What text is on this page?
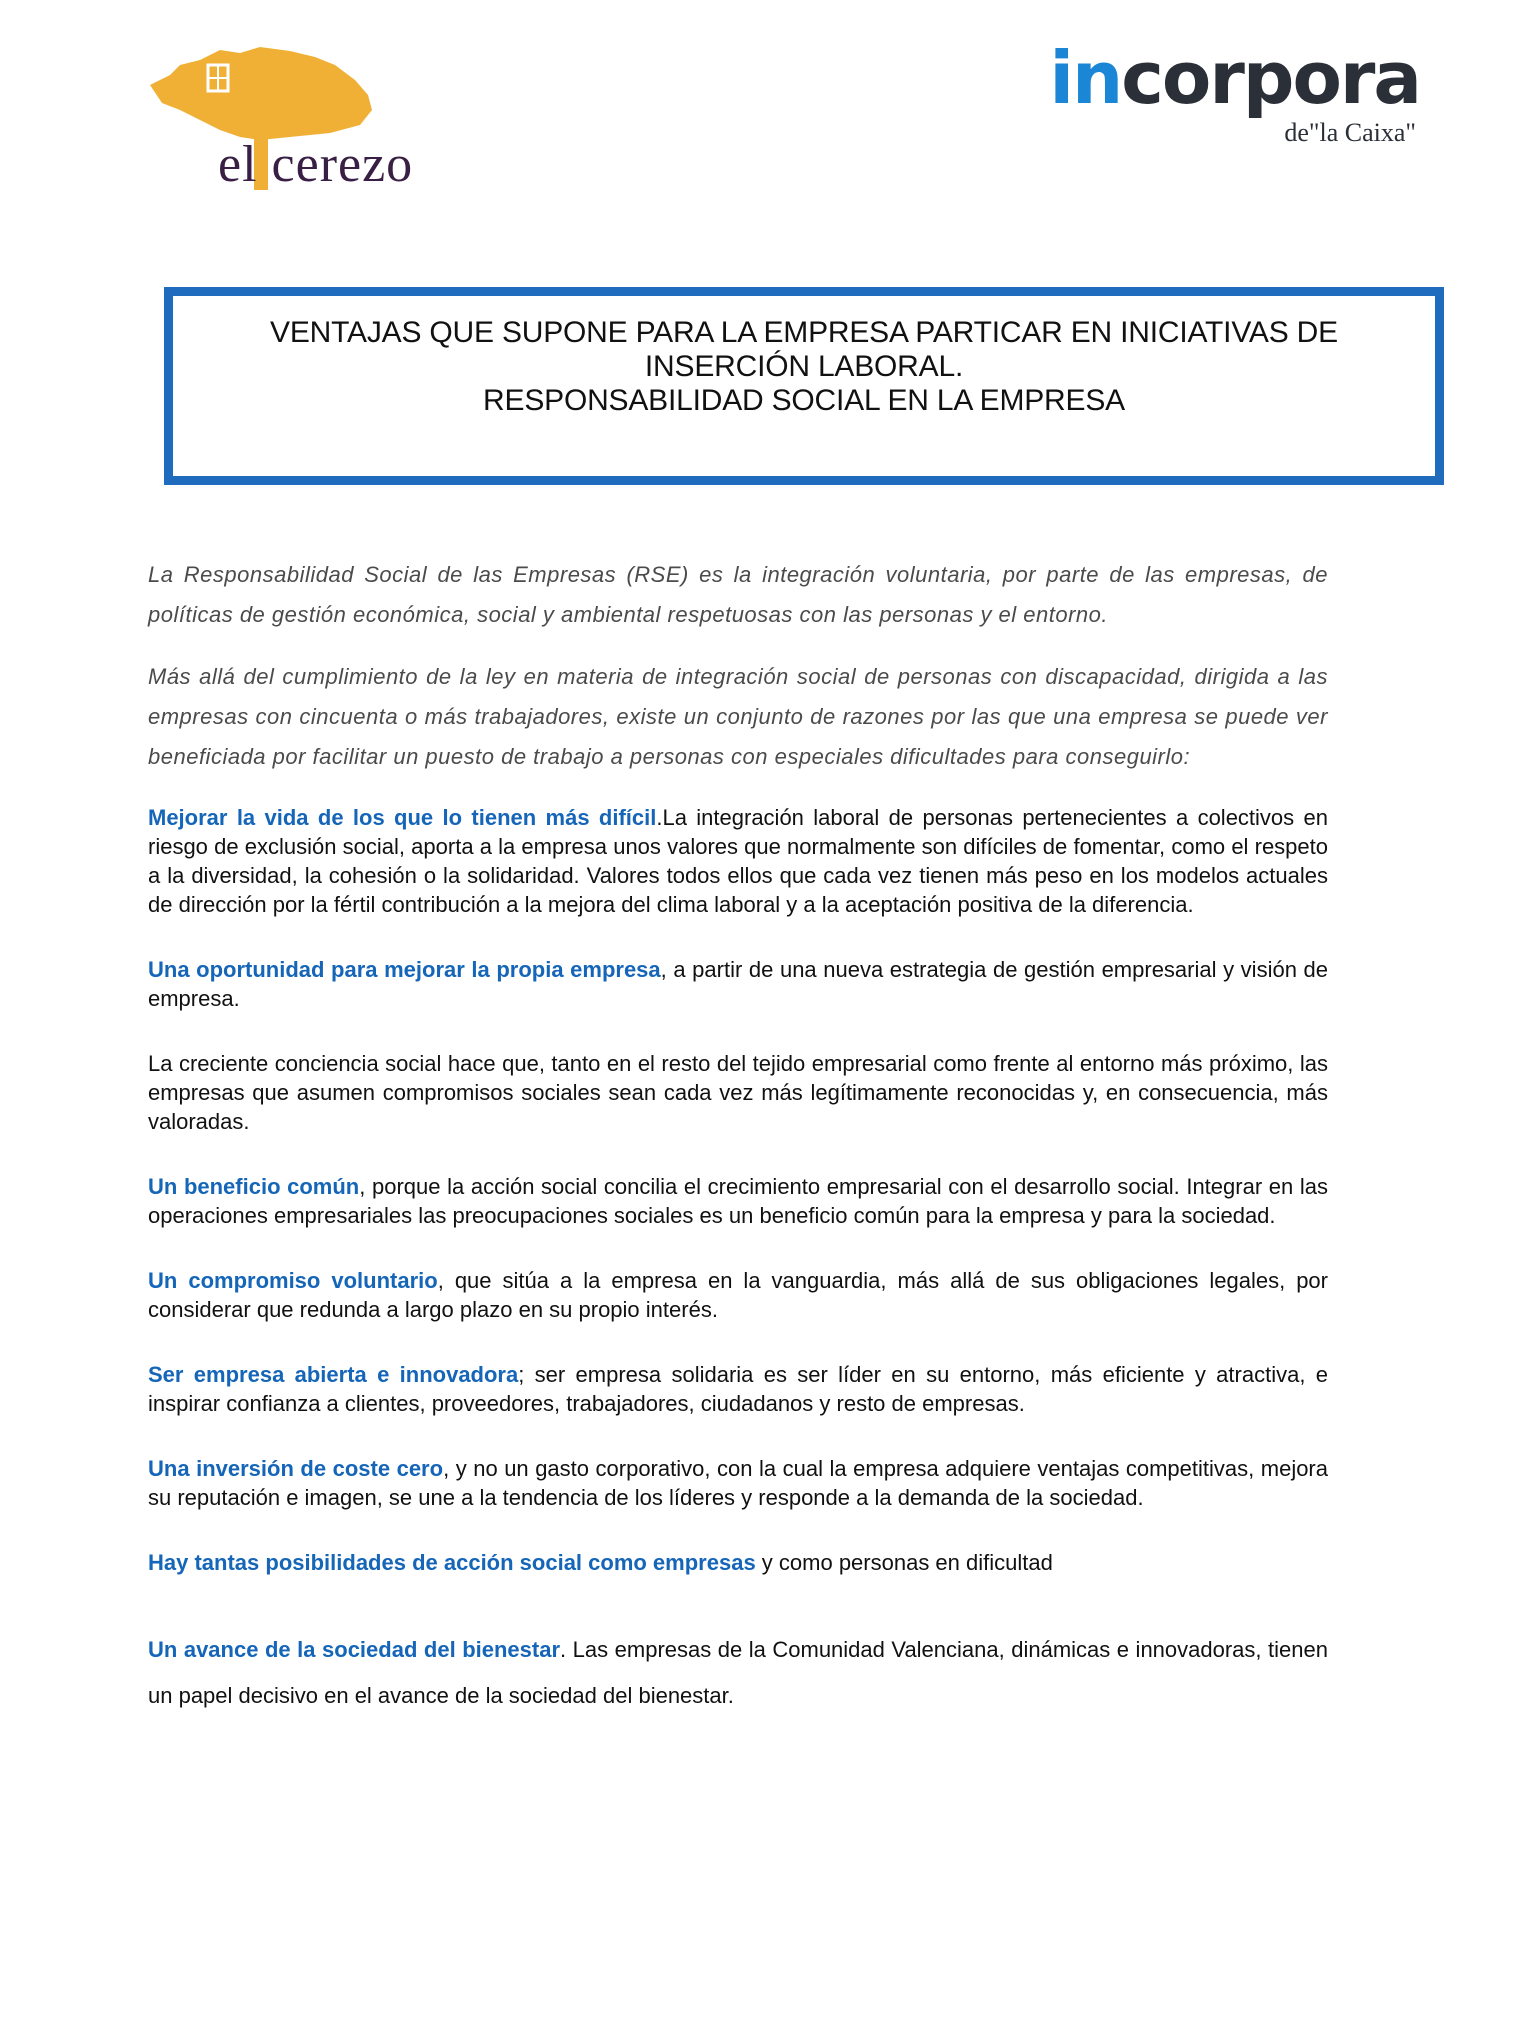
el cerezo
incorpora
de"la Caixa"
VENTAJAS QUE SUPONE PARA LA EMPRESA PARTICAR EN INICIATIVAS DE
INSERCIÓN LABORAL.
RESPONSABILIDAD SOCIAL EN LA EMPRESA

La Responsabilidad Social de las Empresas (RSE) es la integración voluntaria, por parte de las empresas, de políticas de gestión económica, social y ambiental respetuosas con las personas y el entorno.

Más allá del cumplimiento de la ley en materia de integración social de personas con discapacidad, dirigida a las empresas con cincuenta o más trabajadores, existe un conjunto de razones por las que una empresa se puede ver beneficiada por facilitar un puesto de trabajo a personas con especiales dificultades para conseguirlo:

Mejorar la vida de los que lo tienen más difícil.La integración laboral de personas pertenecientes a colectivos en riesgo de exclusión social, aporta a la empresa unos valores que normalmente son difíciles de fomentar, como el respeto a la diversidad, la cohesión o la solidaridad. Valores todos ellos que cada vez tienen más peso en los modelos actuales de dirección por la fértil contribución a la mejora del clima laboral y a la aceptación positiva de la diferencia.

Una oportunidad para mejorar la propia empresa, a partir de una nueva estrategia de gestión empresarial y visión de empresa.

La creciente conciencia social hace que, tanto en el resto del tejido empresarial como frente al entorno más próximo, las empresas que asumen compromisos sociales sean cada vez más legítimamente reconocidas y, en consecuencia, más valoradas.

Un beneficio común, porque la acción social concilia el crecimiento empresarial con el desarrollo social. Integrar en las operaciones empresariales las preocupaciones sociales es un beneficio común para la empresa y para la sociedad.

Un compromiso voluntario, que sitúa a la empresa en la vanguardia, más allá de sus obligaciones legales, por considerar que redunda a largo plazo en su propio interés.

Ser empresa abierta e innovadora; ser empresa solidaria es ser líder en su entorno, más eficiente y atractiva, e inspirar confianza a clientes, proveedores, trabajadores, ciudadanos y resto de empresas.

Una inversión de coste cero, y no un gasto corporativo, con la cual la empresa adquiere ventajas competitivas, mejora su reputación e imagen, se une a la tendencia de los líderes y responde a la demanda de la sociedad.

Hay tantas posibilidades de acción social como empresas y como personas en dificultad

Un avance de la sociedad del bienestar. Las empresas de la Comunidad Valenciana, dinámicas e innovadoras, tienen un papel decisivo en el avance de la sociedad del bienestar.
